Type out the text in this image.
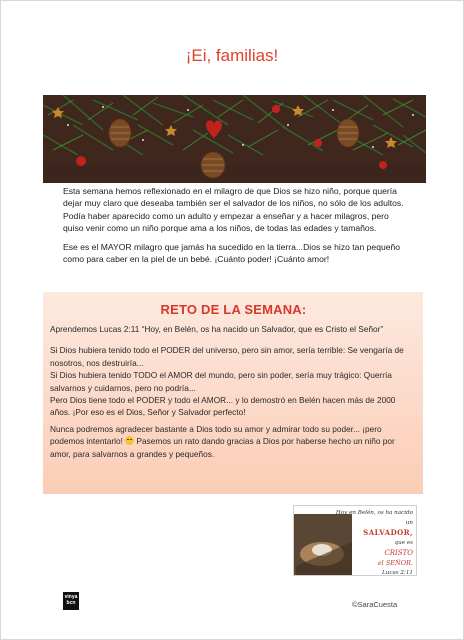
¡Ei, familias!

Esta semana hemos reflexionado en el milagro de que Dios se hizo niño, porque quería dejar muy claro que deseaba también ser el salvador de los niños, no sólo de los adultos. Podía haber aparecido como un adulto y empezar a enseñar y a hacer milagros, pero quiso venir como un niño porque ama a los niños, de todas las edades y tamaños.

Ese es el MAYOR milagro que jamás ha sucedido en la tierra...Dios se hizo tan pequeño como para caber en la piel de un bebé. ¡Cuánto poder! ¡Cuánto amor!

RETO DE LA SEMANA:

Aprendemos Lucas 2:11 “Hoy, en Belén, os ha nacido un Salvador, que es Cristo el Señor”

Si Dios hubiera tenido todo el PODER del universo, pero sin amor, sería terrible: Se vengaría de nosotros, nos destruiría...

Si Dios hubiera tenido TODO el AMOR del mundo, pero sin poder, sería muy trágico: Querría salvarnos y cuidarnos, pero no podría...

Pero Dios tiene todo el PODER y todo el AMOR... y lo demostró en Belén hacen más de 2000 años. ¡Por eso es el Dios, Señor y Salvador perfecto!

Nunca podremos agradecer bastante a Dios todo su amor y admirar todo su poder... ¡pero podemos intentarlo! Pasemos un rato dando gracias a Dios por haberse hecho un niño por amor, para salvarnos a grandes y pequeños.

Hoy en Belén, os ha nacido un
SALVADOR,
que es
CRISTO
el SEÑOR.
Lucas 2:11
vinya
bcn	©SaraCuesta
